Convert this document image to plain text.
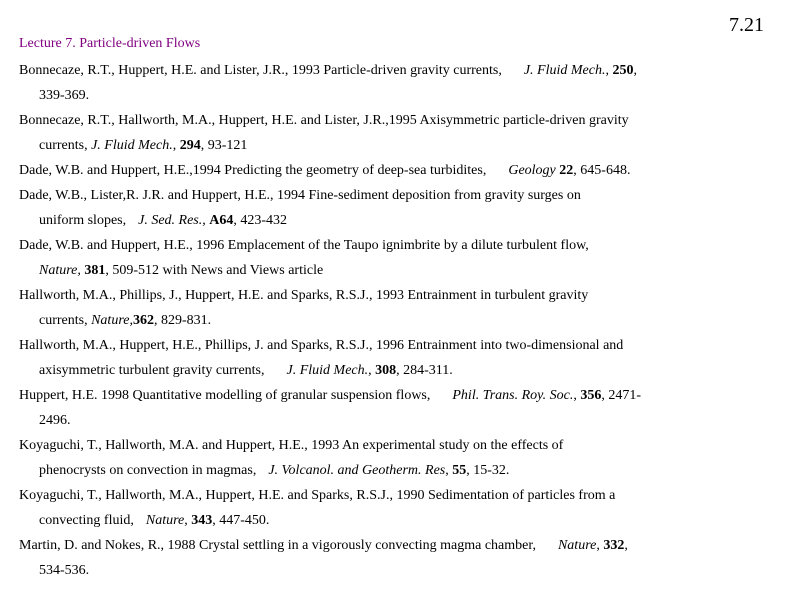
7.21
Lecture 7. Particle-driven Flows
Bonnecaze, R.T., Huppert, H.E. and Lister, J.R., 1993 Particle-driven gravity currents, J. Fluid Mech., 250,
339-369.
Bonnecaze, R.T., Hallworth, M.A., Huppert, H.E. and Lister, J.R.,1995 Axisymmetric particle-driven gravity
currents, J. Fluid Mech., 294, 93-121
Dade, W.B. and Huppert, H.E.,1994 Predicting the geometry of deep-sea turbidites, Geology 22, 645-648.
Dade, W.B., Lister,R. J.R. and Huppert, H.E., 1994 Fine-sediment deposition from gravity surges on
uniform slopes, J. Sed. Res., A64, 423-432
Dade, W.B. and Huppert, H.E., 1996 Emplacement of the Taupo ignimbrite by a dilute turbulent flow,
Nature, 381, 509-512 with News and Views article
Hallworth, M.A., Phillips, J., Huppert, H.E. and Sparks, R.S.J., 1993 Entrainment in turbulent gravity
currents, Nature,362, 829-831.
Hallworth, M.A., Huppert, H.E., Phillips, J. and Sparks, R.S.J., 1996 Entrainment into two-dimensional and
axisymmetric turbulent gravity currents, J. Fluid Mech., 308, 284-311.
Huppert, H.E. 1998 Quantitative modelling of granular suspension flows, Phil. Trans. Roy. Soc., 356, 2471-
2496.
Koyaguchi, T., Hallworth, M.A. and Huppert, H.E., 1993 An experimental study on the effects of
phenocrysts on convection in magmas, J. Volcanol. and Geotherm. Res, 55, 15-32.
Koyaguchi, T., Hallworth, M.A., Huppert, H.E. and Sparks, R.S.J., 1990 Sedimentation of particles from a
convecting fluid, Nature, 343, 447-450.
Martin, D. and Nokes, R., 1988 Crystal settling in a vigorously convecting magma chamber, Nature, 332,
534-536.
